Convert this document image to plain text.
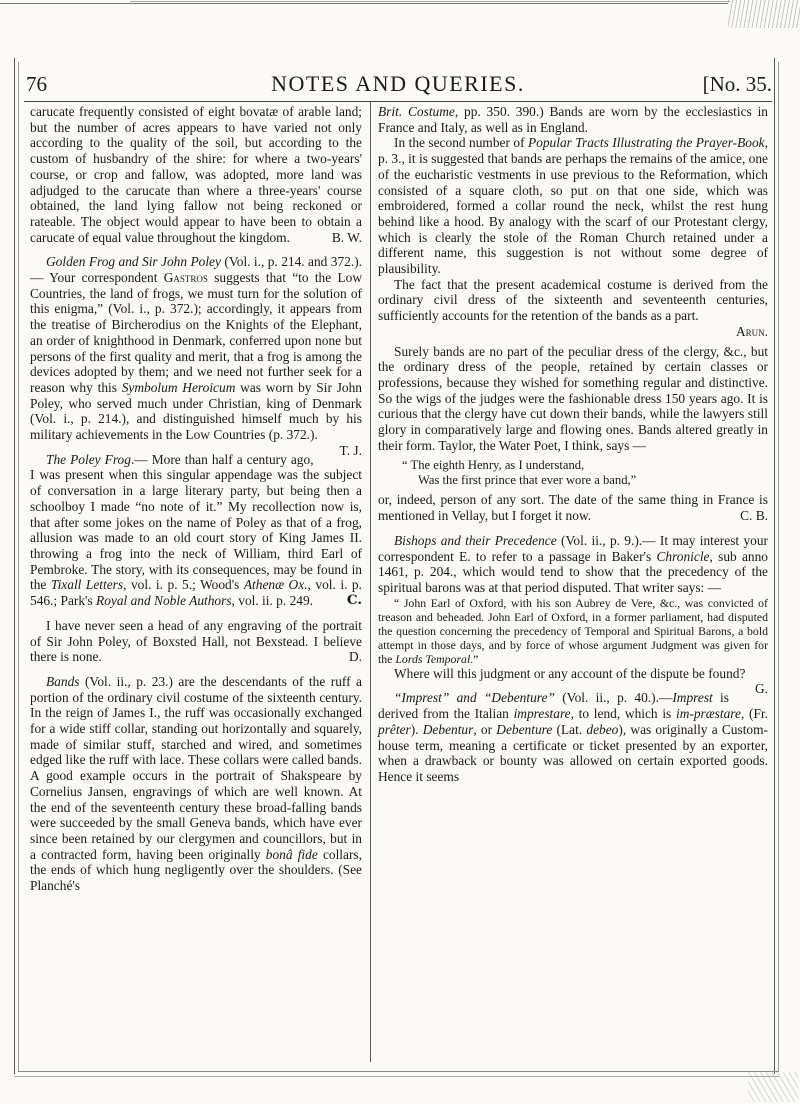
76	NOTES AND QUERIES.	[No. 35.

carucate frequently consisted of eight bovatæ of arable land; but the number of acres appears to have varied not only according to the quality of the soil, but according to the custom of husbandry of the shire: for where a two-years' course, or crop and fallow, was adopted, more land was adjudged to the carucate than where a three-years' course obtained, the land lying fallow not being reckoned or rateable. The object would appear to have been to obtain a carucate of equal value throughout the kingdom.	B. W.

Golden Frog and Sir John Poley (Vol. i., p. 214. and 372.).— Your correspondent Gastros suggests that “to the Low Countries, the land of frogs, we must turn for the solution of this enigma,” (Vol. i., p. 372.); accordingly, it appears from the treatise of Bircherodius on the Knights of the Elephant, an order of knighthood in Denmark, conferred upon none but persons of the first quality and merit, that a frog is among the devices adopted by them; and we need not further seek for a reason why this Symbolum Heroicum was worn by Sir John Poley, who served much under Christian, king of Denmark (Vol. i., p. 214.), and distinguished himself much by his military achievements in the Low Countries (p. 372.).
T. J.

The Poley Frog.— More than half a century ago, I was present when this singular appendage was the subject of conversation in a large literary party, but being then a schoolboy I made “no note of it.” My recollection now is, that after some jokes on the name of Poley as that of a frog, allusion was made to an old court story of King James II. throwing a frog into the neck of William, third Earl of Pembroke. The story, with its consequences, may be found in the Tixall Letters, vol. i. p. 5.; Wood's Athenæ Ox., vol. i. p. 546.; Park's Royal and Noble Authors, vol. ii. p. 249.	C.

I have never seen a head of any engraving of the portrait of Sir John Poley, of Boxsted Hall, not Bexstead. I believe there is none.	D.

Bands (Vol. ii., p. 23.) are the descendants of the ruff a portion of the ordinary civil costume of the sixteenth century. In the reign of James I., the ruff was occasionally exchanged for a wide stiff collar, standing out horizontally and squarely, made of similar stuff, starched and wired, and sometimes edged like the ruff with lace. These collars were called bands. A good example occurs in the portrait of Shakspeare by Cornelius Jansen, engravings of which are well known. At the end of the seventeenth century these broad-falling bands were succeeded by the small Geneva bands, which have ever since been retained by our clergymen and councillors, but in a contracted form, having been originally bonâ fide collars, the ends of which hung negligently over the shoulders. (See Planché's

Brit. Costume, pp. 350. 390.) Bands are worn by the ecclesiastics in France and Italy, as well as in England.

In the second number of Popular Tracts Illustrating the Prayer-Book, p. 3., it is suggested that bands are perhaps the remains of the amice, one of the eucharistic vestments in use previous to the Reformation, which consisted of a square cloth, so put on that one side, which was embroidered, formed a collar round the neck, whilst the rest hung behind like a hood. By analogy with the scarf of our Protestant clergy, which is clearly the stole of the Roman Church retained under a different name, this suggestion is not without some degree of plausibility.

The fact that the present academical costume is derived from the ordinary civil dress of the sixteenth and seventeenth centuries, sufficiently accounts for the retention of the bands as a part.

Arun.

Surely bands are no part of the peculiar dress of the clergy, &c., but the ordinary dress of the people, retained by certain classes or professions, because they wished for something regular and distinctive. So the wigs of the judges were the fashionable dress 150 years ago. It is curious that the clergy have cut down their bands, while the lawyers still glory in comparatively large and flowing ones. Bands altered greatly in their form. Taylor, the Water Poet, I think, says —

“ The eighth Henry, as I understand,
Was the first prince that ever wore a band,”

or, indeed, person of any sort. The date of the same thing in France is mentioned in Vellay, but I forget it now.	C. B.

Bishops and their Precedence (Vol. ii., p. 9.).— It may interest your correspondent E. to refer to a passage in Baker's Chronicle, sub anno 1461, p. 204., which would tend to show that the precedency of the spiritual barons was at that period disputed. That writer says: —

“ John Earl of Oxford, with his son Aubrey de Vere, &c., was convicted of treason and beheaded. John Earl of Oxford, in a former parliament, had disputed the question concerning the precedency of Temporal and Spiritual Barons, a bold attempt in those days, and by force of whose argument Judgment was given for the Lords Temporal.”

Where will this judgment or any account of the dispute be found?
G.

“Imprest” and “Debenture” (Vol. ii., p. 40.).—Imprest is derived from the Italian imprestare, to lend, which is im-præstare, (Fr. prêter). Debentur, or Debenture (Lat. debeo), was originally a Custom-house term, meaning a certificate or ticket presented by an exporter, when a drawback or bounty was allowed on certain exported goods. Hence it seems
